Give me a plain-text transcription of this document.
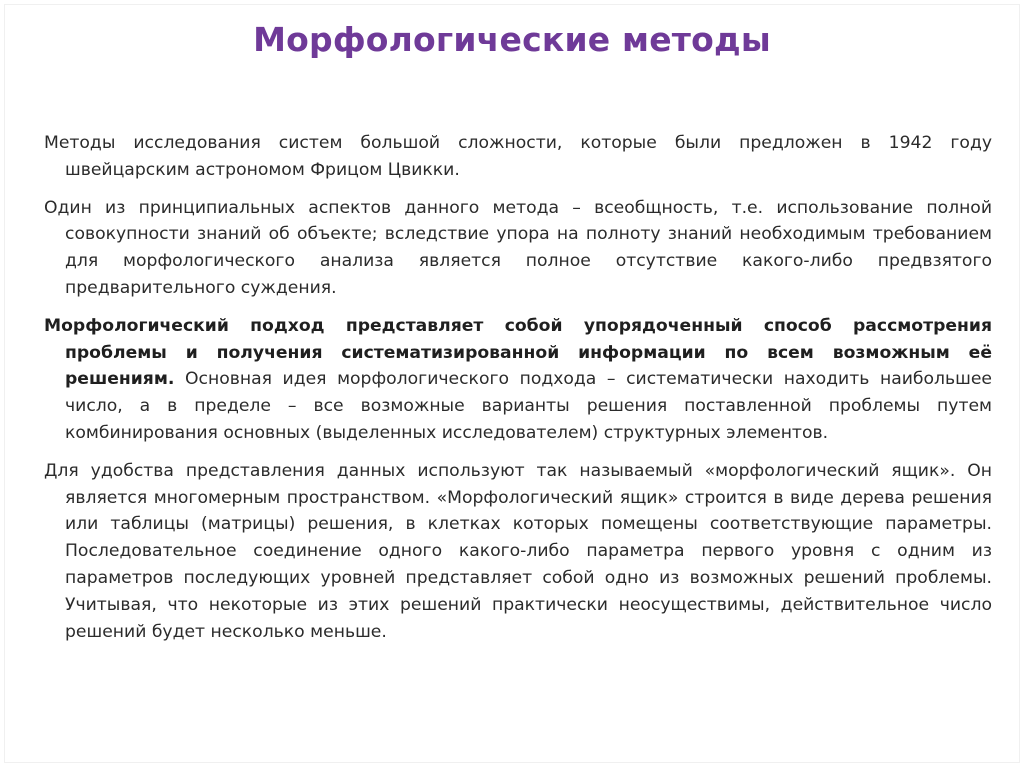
Морфологические методы

Методы исследования систем большой сложности, которые были предложен в 1942 году швейцарским астрономом Фрицом Цвикки.

Один из принципиальных аспектов данного метода – всеобщность, т.е. использование полной совокупности знаний об объекте; вследствие упора на полноту знаний необходимым требованием для морфологического анализа является полное отсутствие какого-либо предвзятого предварительного суждения.

Морфологический подход представляет собой упорядоченный способ рассмотрения проблемы и получения систематизированной информации по всем возможным её решениям. Основная идея морфологического подхода – систематически находить наибольшее число, а в пределе – все возможные варианты решения поставленной проблемы путем комбинирования основных (выделенных исследователем) структурных элементов.

Для удобства представления данных используют так называемый «морфологический ящик». Он является многомерным пространством. «Морфологический ящик» строится в виде дерева решения или таблицы (матрицы) решения, в клетках которых помещены соответствующие параметры. Последовательное соединение одного какого-либо параметра первого уровня с одним из параметров последующих уровней представляет собой одно из возможных решений проблемы. Учитывая, что некоторые из этих решений практически неосуществимы, действительное число решений будет несколько меньше.
